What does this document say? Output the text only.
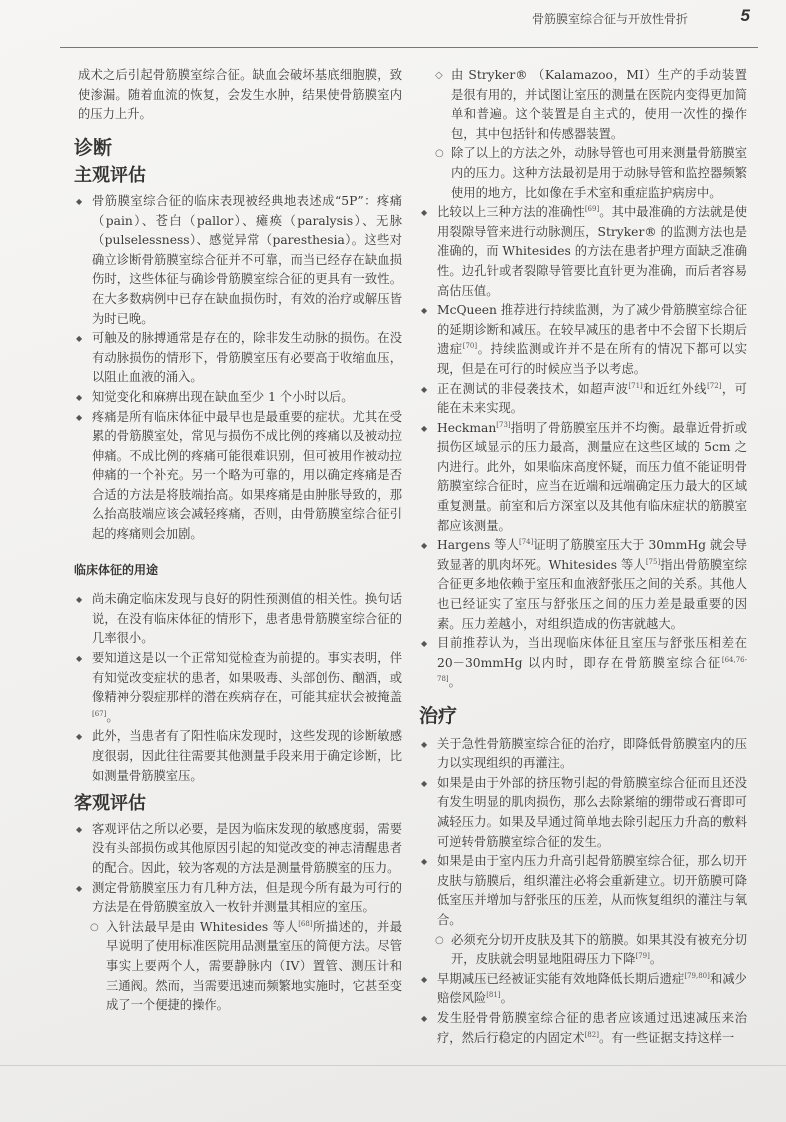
骨筋膜室综合征与开放性骨折	5

成术之后引起骨筋膜室综合征。缺血会破坏基底细胞膜，致使渗漏。随着血流的恢复，会发生水肿，结果使骨筋膜室内的压力上升。

诊断
主观评估

◆ 骨筋膜室综合征的临床表现被经典地表述成“5P”：疼痛（pain）、苍白（pallor）、瘫痪（paralysis）、无脉（pulselessness）、感觉异常（paresthesia）。这些对确立诊断骨筋膜室综合征并不可靠，而当已经存在缺血损伤时，这些体征与确诊骨筋膜室综合征的更具有一致性。在大多数病例中已存在缺血损伤时，有效的治疗或解压皆为时已晚。

◆ 可触及的脉搏通常是存在的，除非发生动脉的损伤。在没有动脉损伤的情形下，骨筋膜室压有必要高于收缩血压，以阻止血液的涌入。

◆ 知觉变化和麻痹出现在缺血至少 1 个小时以后。

◆ 疼痛是所有临床体征中最早也是最重要的症状。尤其在受累的骨筋膜室处，常见与损伤不成比例的疼痛以及被动拉伸痛。不成比例的疼痛可能很难识别，但可被用作被动拉伸痛的一个补充。另一个略为可靠的，用以确定疼痛是否合适的方法是将肢端抬高。如果疼痛是由肿胀导致的，那么抬高肢端应该会减轻疼痛，否则，由骨筋膜室综合征引起的疼痛则会加剧。

临床体征的用途

◆ 尚未确定临床发现与良好的阴性预测值的相关性。换句话说，在没有临床体征的情形下，患者患骨筋膜室综合征的几率很小。

◆ 要知道这是以一个正常知觉检查为前提的。事实表明，伴有知觉改变症状的患者，如果吸毒、头部创伤、酗酒，或像精神分裂症那样的潜在疾病存在，可能其症状会被掩盖[67]。

◆ 此外，当患者有了阳性临床发现时，这些发现的诊断敏感度很弱，因此往往需要其他测量手段来用于确定诊断，比如测量骨筋膜室压。

客观评估

◆ 客观评估之所以必要，是因为临床发现的敏感度弱，需要没有头部损伤或其他原因引起的知觉改变的神志清醒患者的配合。因此，较为客观的方法是测量骨筋膜室的压力。

◆ 测定骨筋膜室压力有几种方法，但是现今所有最为可行的方法是在骨筋膜室放入一枚针并测量其相应的室压。

○ 入针法最早是由 Whitesides 等人[68]所描述的，并最早说明了使用标准医院用品测量室压的简便方法。尽管事实上要两个人，需要静脉内（IV）置管、测压计和三通阀。然而，当需要迅速而频繁地实施时，它甚至变成了一个便捷的操作。

◇ 由 Stryker® （Kalamazoo，MI）生产的手动装置是很有用的，并试图让室压的测量在医院内变得更加简单和普遍。这个装置是自主式的，使用一次性的操作包，其中包括针和传感器装置。

○ 除了以上的方法之外，动脉导管也可用来测量骨筋膜室内的压力。这种方法最初是用于动脉导管和监控器频繁使用的地方，比如像在手术室和重症监护病房中。

◆ 比较以上三种方法的准确性[69]。其中最准确的方法就是使用裂隙导管来进行动脉测压，Stryker® 的监测方法也是准确的，而 Whitesides 的方法在患者护理方面缺乏准确性。边孔针或者裂隙导管要比直针更为准确，而后者容易高估压值。

◆ McQueen 推荐进行持续监测，为了减少骨筋膜室综合征的延期诊断和减压。在较早减压的患者中不会留下长期后遗症[70]。持续监测或许并不是在所有的情况下都可以实现，但是在可行的时候应当予以考虑。

◆ 正在测试的非侵袭技术，如超声波[71]和近红外线[72]，可能在未来实现。

◆ Heckman[73]指明了骨筋膜室压并不均衡。最靠近骨折或损伤区域显示的压力最高，测量应在这些区域的 5cm 之内进行。此外，如果临床高度怀疑，而压力值不能证明骨筋膜室综合征时，应当在近端和远端确定压力最大的区域重复测量。前室和后方深室以及其他有临床症状的筋膜室都应该测量。

◆ Hargens 等人[74]证明了筋膜室压大于 30mmHg 就会导致显著的肌肉坏死。Whitesides 等人[75]指出骨筋膜室综合征更多地依赖于室压和血液舒张压之间的关系。其他人也已经证实了室压与舒张压之间的压力差是最重要的因素。压力差越小，对组织造成的伤害就越大。

◆ 目前推荐认为，当出现临床体征且室压与舒张压相差在 20－30mmHg 以内时，即存在骨筋膜室综合征[64,76-78]。

治疗

◆ 关于急性骨筋膜室综合征的治疗，即降低骨筋膜室内的压力以实现组织的再灌注。

◆ 如果是由于外部的挤压物引起的骨筋膜室综合征而且还没有发生明显的肌肉损伤，那么去除紧缩的绷带或石膏即可减轻压力。如果及早通过简单地去除引起压力升高的敷料可逆转骨筋膜室综合征的发生。

◆ 如果是由于室内压力升高引起骨筋膜室综合征，那么切开皮肤与筋膜后，组织灌注必将会重新建立。切开筋膜可降低室压并增加与舒张压的压差，从而恢复组织的灌注与氧合。

○ 必须充分切开皮肤及其下的筋膜。如果其没有被充分切开，皮肤就会明显地阻碍压力下降[79]。

◆ 早期减压已经被证实能有效地降低长期后遗症[79,80]和减少赔偿风险[81]。

◆ 发生胫骨骨筋膜室综合征的患者应该通过迅速减压来治疗，然后行稳定的内固定术[82]。有一些证据支持这样一
